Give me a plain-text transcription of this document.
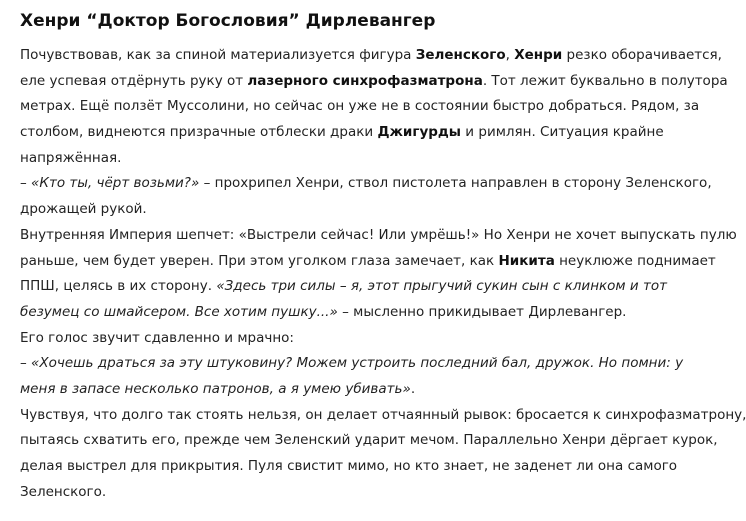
Хенри “Доктор Богословия” Дирлевангер
Почувствовав, как за спиной материализуется фигура Зеленского, Хенри резко оборачивается,
еле успевая отдёрнуть руку от лазерного синхрофазматрона. Тот лежит буквально в полутора
метрах. Ещё ползёт Муссолини, но сейчас он уже не в состоянии быстро добраться. Рядом, за
столбом, виднеются призрачные отблески драки Джигурды и римлян. Ситуация крайне
напряжённая.
– «Кто ты, чёрт возьми?» – прохрипел Хенри, ствол пистолета направлен в сторону Зеленского,
дрожащей рукой.
Внутренняя Империя шепчет: «Выстрели сейчас! Или умрёшь!» Но Хенри не хочет выпускать пулю
раньше, чем будет уверен. При этом уголком глаза замечает, как Никита неуклюже поднимает
ППШ, целясь в их сторону. «Здесь три силы – я, этот прыгучий сукин сын с клинком и тот
безумец со шмайсером. Все хотим пушку...» – мысленно прикидывает Дирлевангер.
Его голос звучит сдавленно и мрачно:
– «Хочешь драться за эту штуковину? Можем устроить последний бал, дружок. Но помни: у
меня в запасе несколько патронов, а я умею убивать».
Чувствуя, что долго так стоять нельзя, он делает отчаянный рывок: бросается к синхрофазматрону,
пытаясь схватить его, прежде чем Зеленский ударит мечом. Параллельно Хенри дёргает курок,
делая выстрел для прикрытия. Пуля свистит мимо, но кто знает, не заденет ли она самого
Зеленского.
